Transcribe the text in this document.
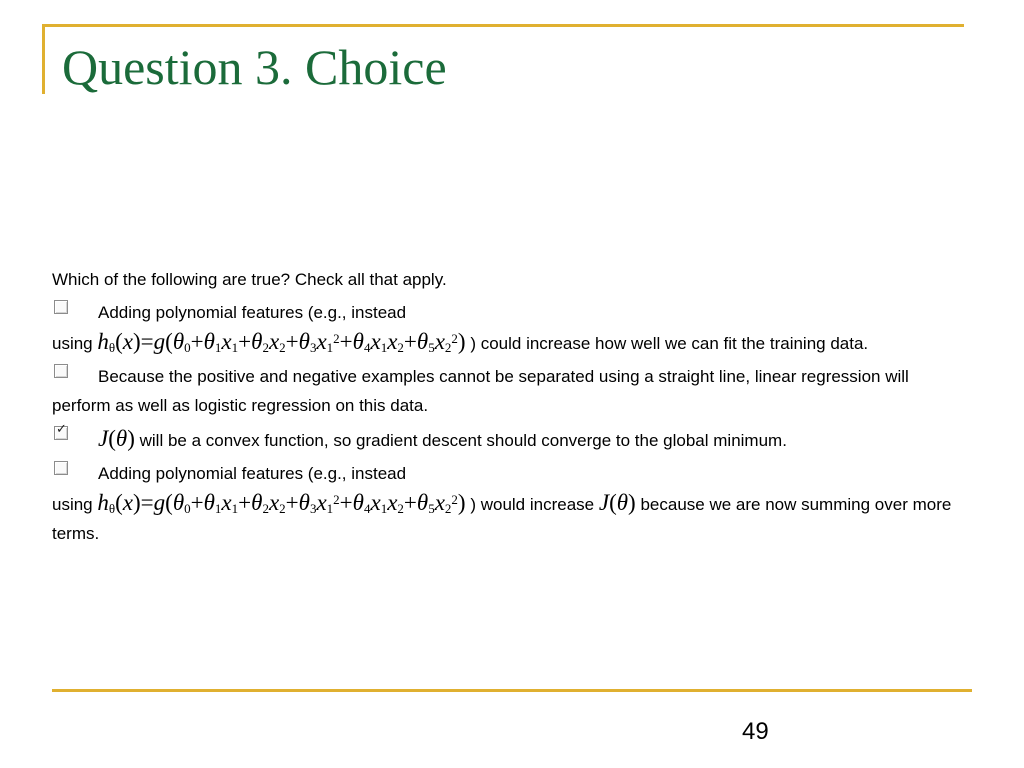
Question 3. Choice

Which of the following are true? Check all that apply.

Adding polynomial features (e.g., instead
using $h_\theta(x)=g(\theta_0+\theta_1x_1+\theta_2x_2+\theta_3x_1^2+\theta_4x_1x_2+\theta_5x_2^2)$ ) could increase how well we can fit the training data.
Because the positive and negative examples cannot be separated using a straight line, linear regression will perform as well as logistic regression on this data.
✓ J(θ) will be a convex function, so gradient descent should converge to the global minimum.
Adding polynomial features (e.g., instead
using $h_\theta(x)=g(\theta_0+\theta_1x_1+\theta_2x_2+\theta_3x_1^2+\theta_4x_1x_2+\theta_5x_2^2)$ ) would increase J(θ) because we are now summing over more terms.
49
